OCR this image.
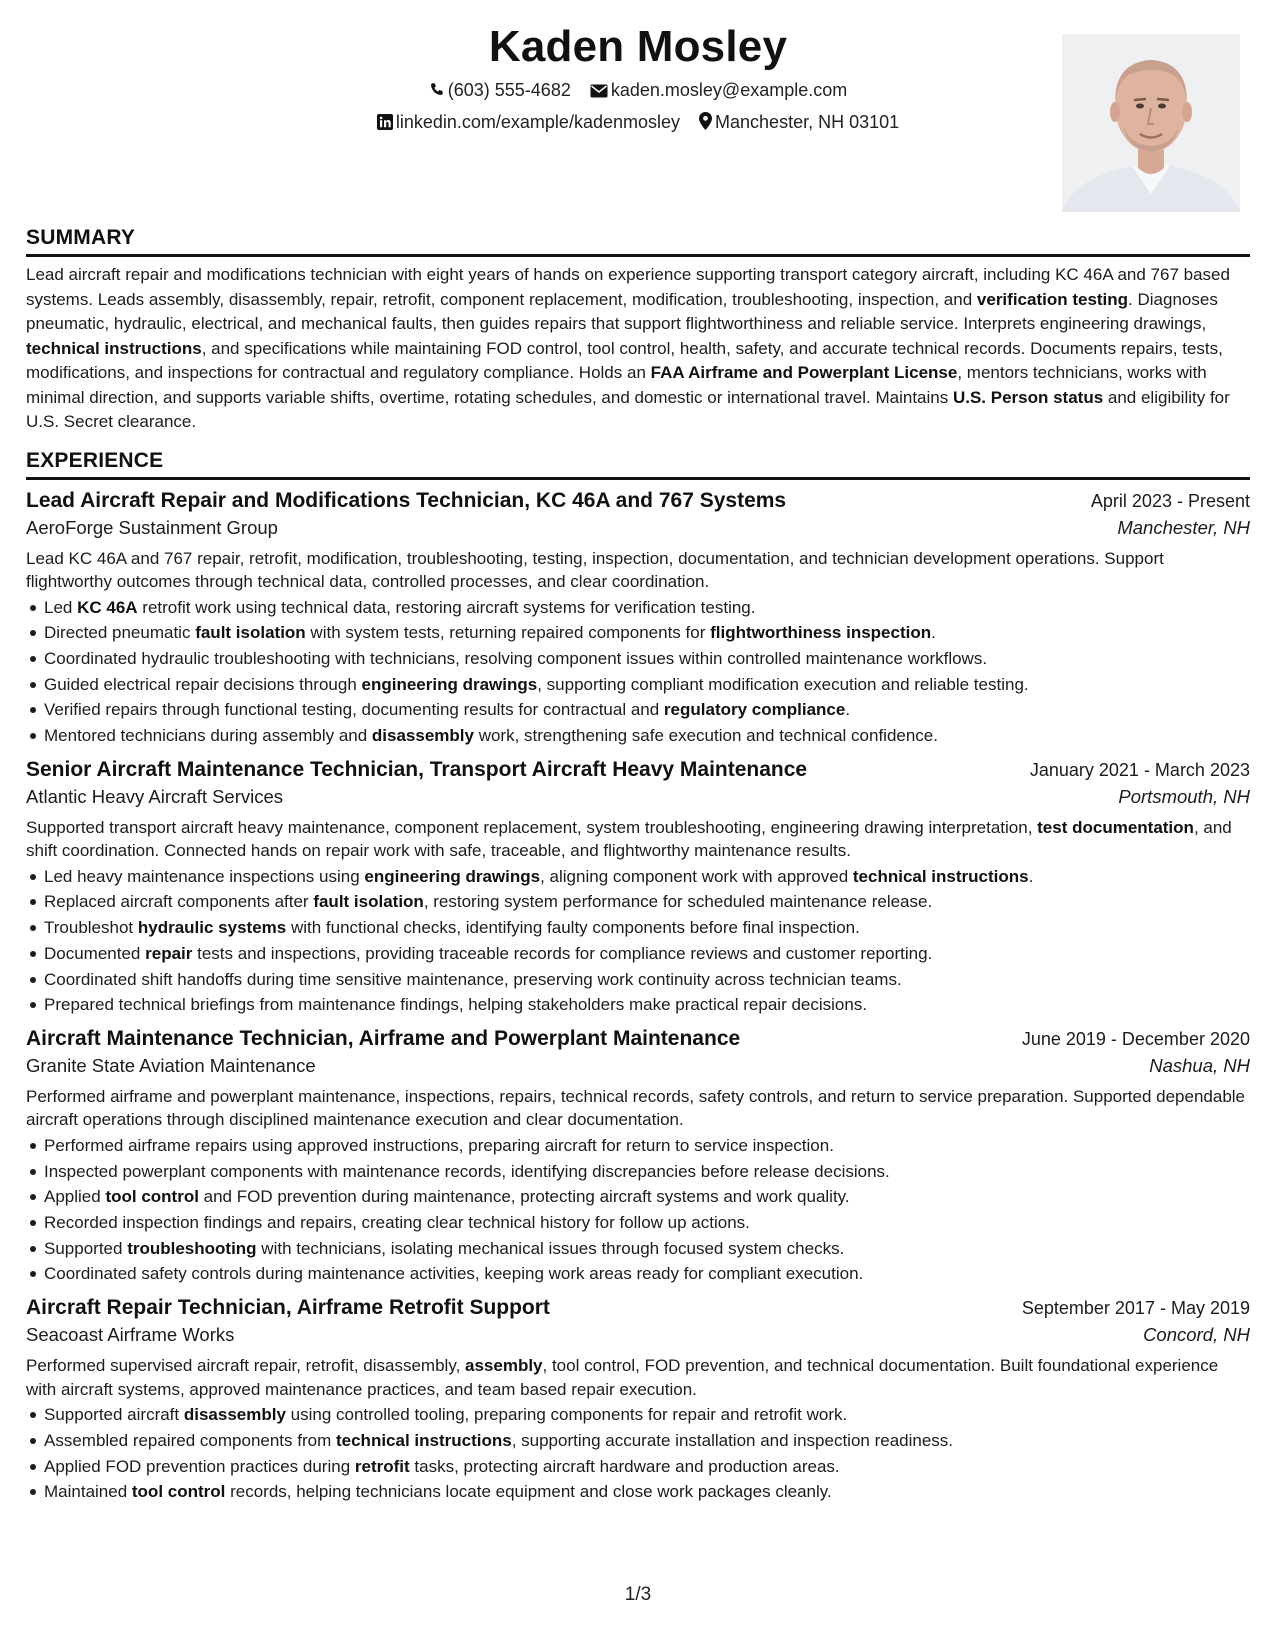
Kaden Mosley
(603) 555-4682 kaden.mosley@example.com
linkedin.com/example/kadenmosley Manchester, NH 03101
SUMMARY

Lead aircraft repair and modifications technician with eight years of hands on experience supporting transport category aircraft, including KC 46A and 767 based systems. Leads assembly, disassembly, repair, retrofit, component replacement, modification, troubleshooting, inspection, and verification testing. Diagnoses pneumatic, hydraulic, electrical, and mechanical faults, then guides repairs that support flightworthiness and reliable service. Interprets engineering drawings, technical instructions, and specifications while maintaining FOD control, tool control, health, safety, and accurate technical records. Documents repairs, tests, modifications, and inspections for contractual and regulatory compliance. Holds an FAA Airframe and Powerplant License, mentors technicians, works with minimal direction, and supports variable shifts, overtime, rotating schedules, and domestic or international travel. Maintains U.S. Person status and eligibility for U.S. Secret clearance.

EXPERIENCE
Lead Aircraft Repair and Modifications Technician, KC 46A and 767 Systems	April 2023 - Present
AeroForge Sustainment Group	Manchester, NH

Lead KC 46A and 767 repair, retrofit, modification, troubleshooting, testing, inspection, documentation, and technician development operations. Support flightworthy outcomes through technical data, controlled processes, and clear coordination.

Led KC 46A retrofit work using technical data, restoring aircraft systems for verification testing.
Directed pneumatic fault isolation with system tests, returning repaired components for flightworthiness inspection.
Coordinated hydraulic troubleshooting with technicians, resolving component issues within controlled maintenance workflows.
Guided electrical repair decisions through engineering drawings, supporting compliant modification execution and reliable testing.
Verified repairs through functional testing, documenting results for contractual and regulatory compliance.
Mentored technicians during assembly and disassembly work, strengthening safe execution and technical confidence.
Senior Aircraft Maintenance Technician, Transport Aircraft Heavy Maintenance	January 2021 - March 2023
Atlantic Heavy Aircraft Services	Portsmouth, NH

Supported transport aircraft heavy maintenance, component replacement, system troubleshooting, engineering drawing interpretation, test documentation, and shift coordination. Connected hands on repair work with safe, traceable, and flightworthy maintenance results.

Led heavy maintenance inspections using engineering drawings, aligning component work with approved technical instructions.
Replaced aircraft components after fault isolation, restoring system performance for scheduled maintenance release.
Troubleshot hydraulic systems with functional checks, identifying faulty components before final inspection.
Documented repair tests and inspections, providing traceable records for compliance reviews and customer reporting.
Coordinated shift handoffs during time sensitive maintenance, preserving work continuity across technician teams.
Prepared technical briefings from maintenance findings, helping stakeholders make practical repair decisions.
Aircraft Maintenance Technician, Airframe and Powerplant Maintenance	June 2019 - December 2020
Granite State Aviation Maintenance	Nashua, NH

Performed airframe and powerplant maintenance, inspections, repairs, technical records, safety controls, and return to service preparation. Supported dependable aircraft operations through disciplined maintenance execution and clear documentation.

Performed airframe repairs using approved instructions, preparing aircraft for return to service inspection.
Inspected powerplant components with maintenance records, identifying discrepancies before release decisions.
Applied tool control and FOD prevention during maintenance, protecting aircraft systems and work quality.
Recorded inspection findings and repairs, creating clear technical history for follow up actions.
Supported troubleshooting with technicians, isolating mechanical issues through focused system checks.
Coordinated safety controls during maintenance activities, keeping work areas ready for compliant execution.
Aircraft Repair Technician, Airframe Retrofit Support	September 2017 - May 2019
Seacoast Airframe Works	Concord, NH

Performed supervised aircraft repair, retrofit, disassembly, assembly, tool control, FOD prevention, and technical documentation. Built foundational experience with aircraft systems, approved maintenance practices, and team based repair execution.

Supported aircraft disassembly using controlled tooling, preparing components for repair and retrofit work.
Assembled repaired components from technical instructions, supporting accurate installation and inspection readiness.
Applied FOD prevention practices during retrofit tasks, protecting aircraft hardware and production areas.
Maintained tool control records, helping technicians locate equipment and close work packages cleanly.
1/3
